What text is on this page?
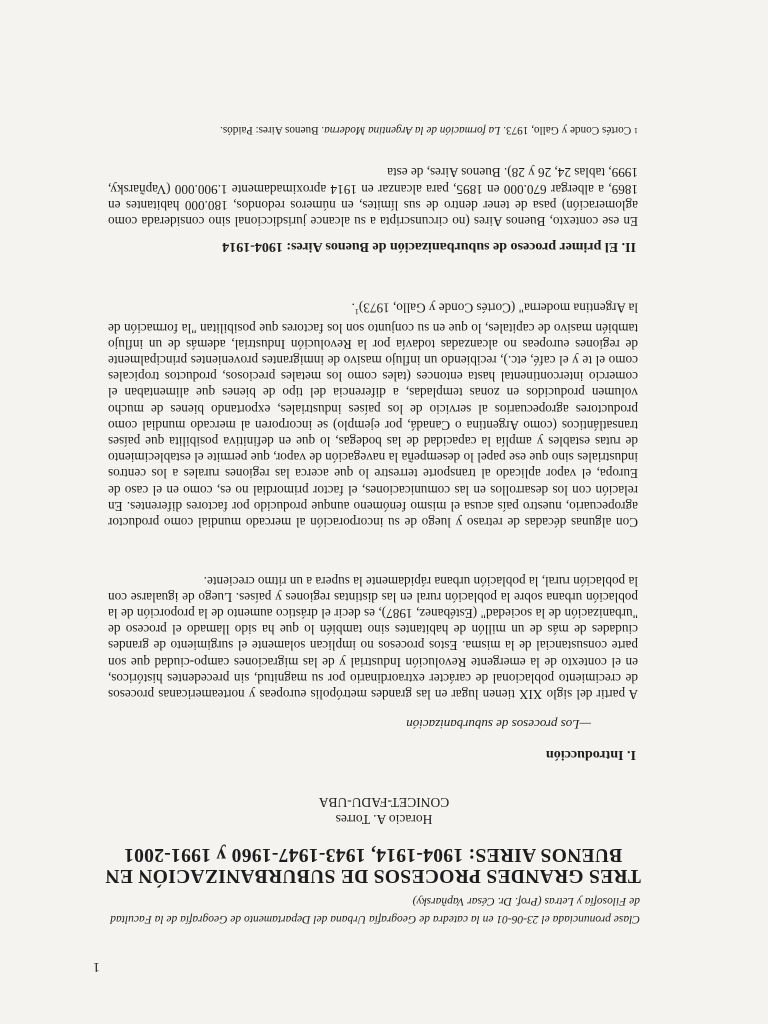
1
Clase pronunciada el 23-06-01 en la catedra de Geografía Urbana del Departamento de Geografía de la Facultad de Filosofía y Letras (Prof. Dr. César Vapñarsky)
TRES GRANDES PROCESOS DE SUBURBANIZACIÓN EN BUENOS AIRES: 1904-1914, 1943-1947-1960 y 1991-2001
Horacio A. Torres
CONICET-FADU-UBA
I. Introducción
—Los procesos de suburbanización
A partir del siglo XIX tienen lugar en las grandes metrópolis europeas y norteamericanas procesos de crecimiento poblacional de carácter extraordinario por su magnitud, sin precedentes históricos, en el contexto de la emergente Revolución Industrial y de las migraciones campo-ciudad que son parte consustancial de la misma. Estos procesos no implican solamente el surgimiento de grandes ciudades de más de un millón de habitantes sino también lo que ha sido llamado el proceso de "urbanización de la sociedad" (Estébanez, 1987), es decir el drástico aumento de la proporción de la población urbana sobre la población rural en las distintas regiones y países. Luego de igualarse con la población rural, la población urbana rápidamente la supera a un ritmo creciente.
Con algunas décadas de retraso y luego de su incorporación al mercado mundial como productor agropecuario, nuestro país acusa el mismo fenómeno aunque producido por factores diferentes. En relación con los desarrollos en las comunicaciones, el factor primordial no es, como en el caso de Europa, el vapor aplicado al transporte terrestre lo que acerca las regiones rurales a los centros industriales sino que ese papel lo desempeña la navegación de vapor, que permite el establecimiento de rutas estables y amplía la capacidad de las bodegas, lo que en definitiva posibilita que países transatlánticos (como Argentina o Canadá, por ejemplo) se incorporen al mercado mundial como productores agropecuarios al servicio de los países industriales, exportando bienes de mucho volumen producidos en zonas templadas, a diferencia del tipo de bienes que alimentaban el comercio intercontinental hasta entonces (tales como los metales preciosos, productos tropicales como el te y el café, etc.), recibiendo un influjo masivo de inmigrantes provenientes principalmente de regiones europeas no alcanzadas todavía por la Revolución Industrial, además de un influjo también masivo de capitales, lo que en su conjunto son los factores que posibilitan "la formación de la Argentina moderna" (Cortés Conde y Gallo, 1973)$^1$.
II. El primer proceso de suburbanización de Buenos Aires: 1904-1914
En ese contexto, Buenos Aires (no circunscripta a su alcance jurisdiccional sino considerada como aglomeración) pasa de tener dentro de sus límites, en números redondos, 180.000 habitantes en 1869, a albergar 670.000 en 1895, para alcanzar en 1914 aproximadamente 1.900.000 (Vapñarsky, 1999, tablas 24, 26 y 28). Buenos Aires, de esta
$^1$ Cortés Conde y Gallo, 1973. La formación de la Argentina Moderna. Buenos Aires: Paidós.
